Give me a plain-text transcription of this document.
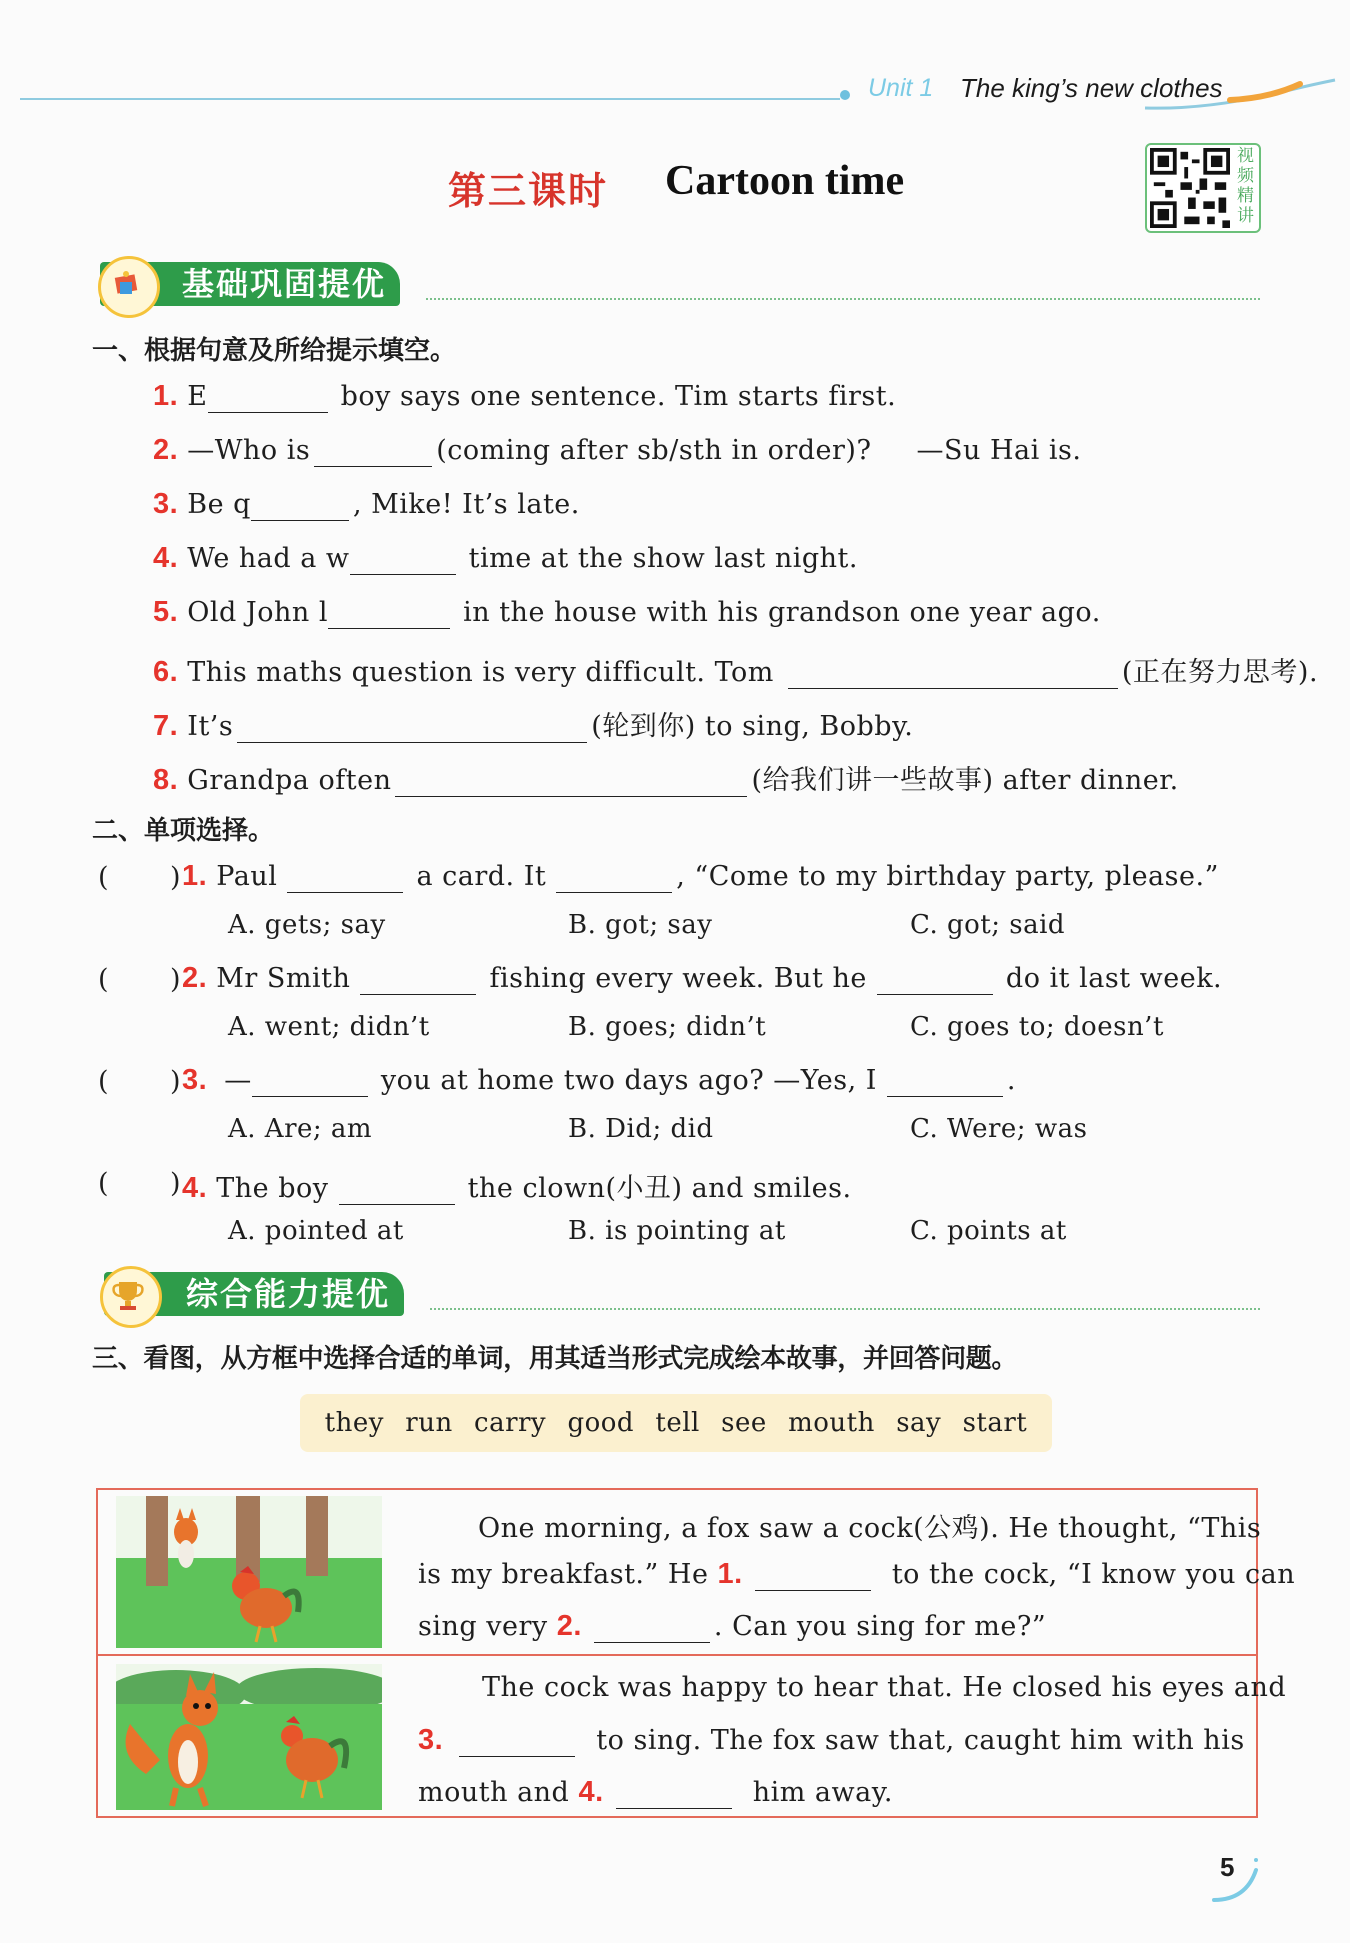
Unit 1 The king’s new clothes
第三课时 Cartoon time
视频精讲
基础巩固提优
一、根据句意及所给提示填空。
1. E	boy says one sentence. Tim starts first.
2. —Who is	(coming after sb/sth in order)? —Su Hai is.
3. Be q	, Mike! It’s late.
4. We had a w	time at the show last night.
5. Old John l	in the house with his grandson one year ago.
6. This maths question is very difficult. Tom	(正在努力思考).
7. It’s	(轮到你) to sing, Bobby.
8. Grandpa often	(给我们讲一些故事) after dinner.
二、单项选择。
( ) 1. Paul	a card. It	, “Come to my birthday party, please.”
A. gets; say	B. got; say	C. got; said
( ) 2. Mr Smith	fishing every week. But he	do it last week.
A. went; didn’t	B. goes; didn’t	C. goes to; doesn’t
( ) 3. —	you at home two days ago? —Yes, I	.
A. Are; am	B. Did; did	C. Were; was
( ) 4. The boy	the clown(小丑) and smiles.
A. pointed at	B. is pointing at	C. points at
综合能力提优
三、看图，从方框中选择合适的单词，用其适当形式完成绘本故事，并回答问题。
they run carry good tell see mouth say start
One morning, a fox saw a cock(公鸡). He thought, “This
is my breakfast.” He 1.	to the cock, “I know you can
sing very 2.	. Can you sing for me?”
The cock was happy to hear that. He closed his eyes and
3.	to sing. The fox saw that, caught him with his
mouth and 4.	him away.
5
